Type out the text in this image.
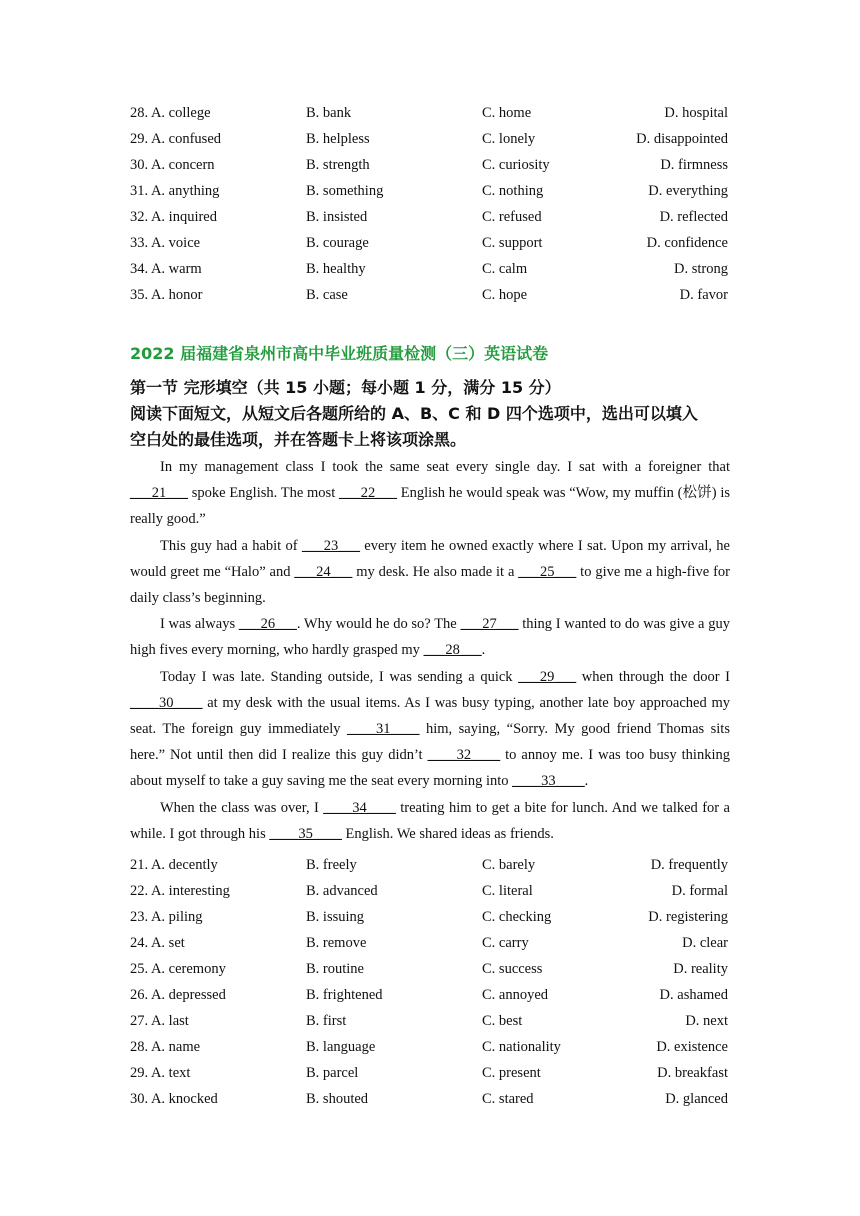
28. A. college	B. bank	C. home	D. hospital
29. A. confused	B. helpless	C. lonely	D. disappointed
30. A. concern	B. strength	C. curiosity	D. firmness
31. A. anything	B. something	C. nothing	D. everything
32. A. inquired	B. insisted	C. refused	D. reflected
33. A. voice	B. courage	C. support	D. confidence
34. A. warm	B. healthy	C. calm	D. strong
35. A. honor	B. case	C. hope	D. favor
2022 届福建省泉州市高中毕业班质量检测（三）英语试卷
第一节 完形填空（共 15 小题；每小题 1 分，满分 15 分）
阅读下面短文，从短文后各题所给的 A、B、C 和 D 四个选项中，选出可以填入
空白处的最佳选项，并在答题卡上将该项涂黑。

In my management class I took the same seat every single day. I sat with a foreigner that ___21___ spoke English. The most ___22___ English he would speak was “Wow, my muffin (松饼) is really good.”

This guy had a habit of ___23___ every item he owned exactly where I sat. Upon my arrival, he would greet me “Halo” and ___24___ my desk. He also made it a ___25___ to give me a high-five for daily class’s beginning.

I was always ___26___. Why would he do so? The ___27___ thing I wanted to do was give a guy high fives every morning, who hardly grasped my ___28___.

Today I was late. Standing outside, I was sending a quick ___29___ when through the door I ____30____ at my desk with the usual items. As I was busy typing, another late boy approached my seat. The foreign guy immediately ____31____ him, saying, “Sorry. My good friend Thomas sits here.” Not until then did I realize this guy didn’t ____32____ to annoy me. I was too busy thinking about myself to take a guy saving me the seat every morning into ____33____.

When the class was over, I ____34____ treating him to get a bite for lunch. And we talked for a while. I got through his ____35____ English. We shared ideas as friends.

21. A. decently	B. freely	C. barely	D. frequently
22. A. interesting	B. advanced	C. literal	D. formal
23. A. piling	B. issuing	C. checking	D. registering
24. A. set	B. remove	C. carry	D. clear
25. A. ceremony	B. routine	C. success	D. reality
26. A. depressed	B. frightened	C. annoyed	D. ashamed
27. A. last	B. first	C. best	D. next
28. A. name	B. language	C. nationality	D. existence
29. A. text	B. parcel	C. present	D. breakfast
30. A. knocked	B. shouted	C. stared	D. glanced
